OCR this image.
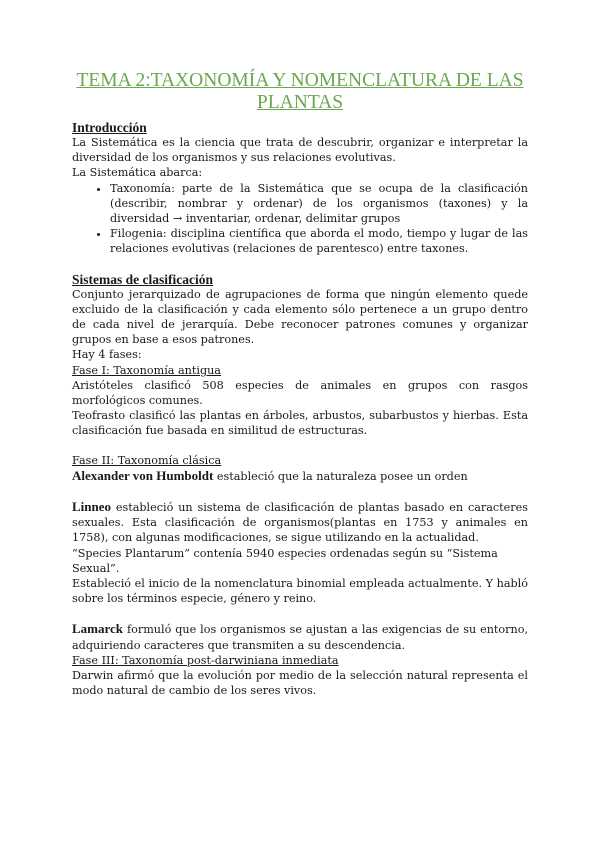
TEMA 2:TAXONOMÍA Y NOMENCLATURA DE LAS PLANTAS
Introducción

La Sistemática es la ciencia que trata de descubrir, organizar e interpretar la diversidad de los organismos y sus relaciones evolutivas.

La Sistemática abarca:

• Taxonomía: parte de la Sistemática que se ocupa de la clasificación (describir, nombrar y ordenar) de los organismos (taxones) y la diversidad → inventariar, ordenar, delimitar grupos
• Filogenia: disciplina científica que aborda el modo, tiempo y lugar de las relaciones evolutivas (relaciones de parentesco) entre taxones.
Sistemas de clasificación

Conjunto jerarquizado de agrupaciones de forma que ningún elemento quede excluido de la clasificación y cada elemento sólo pertenece a un grupo dentro de cada nivel de jerarquía. Debe reconocer patrones comunes y organizar grupos en base a esos patrones.

Hay 4 fases:

Fase I: Taxonomía antigua

Aristóteles clasificó 508 especies de animales en grupos con rasgos morfológicos comunes.

Teofrasto clasificó las plantas en árboles, arbustos, subarbustos y hierbas. Esta clasificación fue basada en similitud de estructuras.

Fase II: Taxonomía clásica

Alexander von Humboldt estableció que la naturaleza posee un orden

Linneo estableció un sistema de clasificación de plantas basado en caracteres sexuales. Esta clasificación de organismos(plantas en 1753 y animales en 1758), con algunas modificaciones, se sigue utilizando en la actualidad.

“Species Plantarum” contenía 5940 especies ordenadas según su “Sistema Sexual”.

Estableció el inicio de la nomenclatura binomial empleada actualmente. Y habló sobre los términos especie, género y reino.

Lamarck formuló que los organismos se ajustan a las exigencias de su entorno, adquiriendo caracteres que transmiten a su descendencia.

Fase III: Taxonomía post-darwiniana inmediata

Darwin afirmó que la evolución por medio de la selección natural representa el modo natural de cambio de los seres vivos.
